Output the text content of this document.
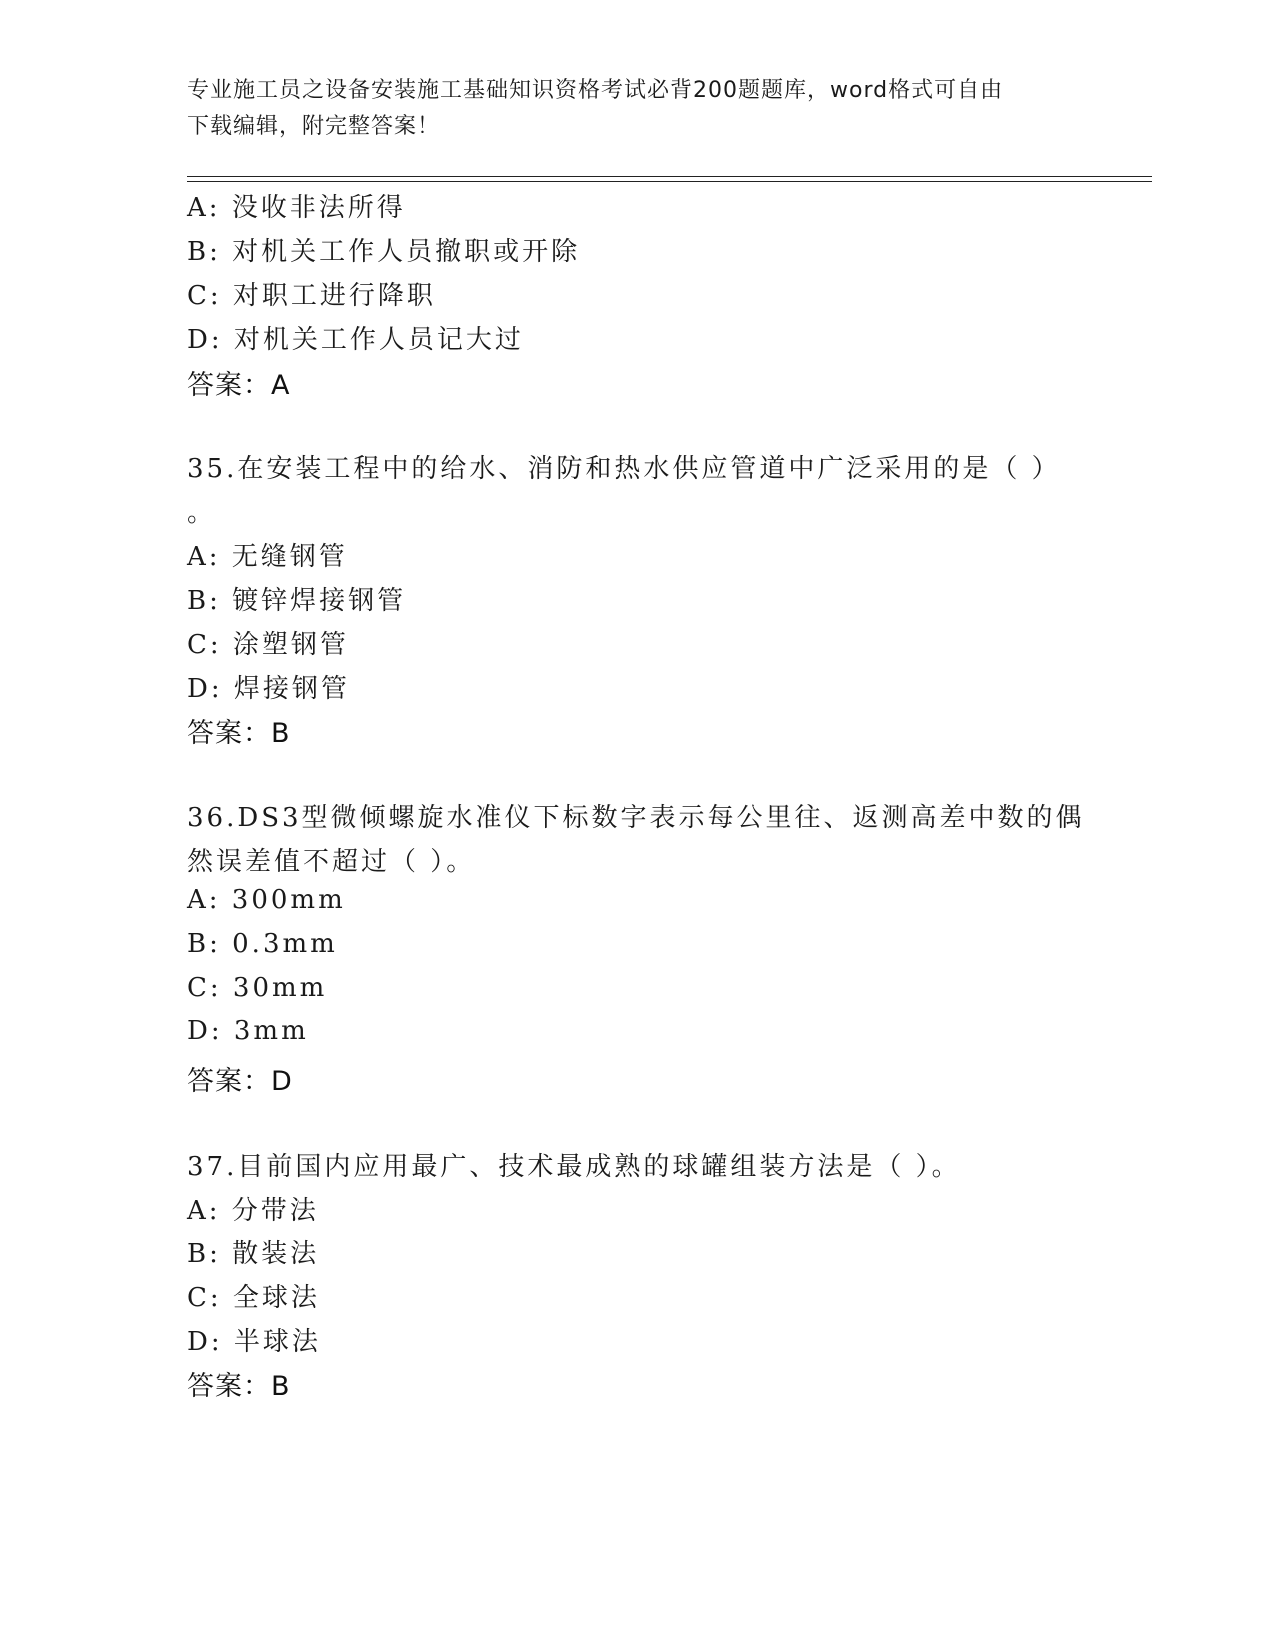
专业施工员之设备安装施工基础知识资格考试必背200题题库，word格式可自由
下载编辑，附完整答案！
A: 没收非法所得
B: 对机关工作人员撤职或开除
C: 对职工进行降职
D: 对机关工作人员记大过
答案：A
35.在安装工程中的给水、消防和热水供应管道中广泛采用的是（ ）
。
A: 无缝钢管
B: 镀锌焊接钢管
C: 涂塑钢管
D: 焊接钢管
答案：B
36.DS3型微倾螺旋水准仪下标数字表示每公里往、返测高差中数的偶
然误差值不超过（ ）。
A: 300mm
B: 0.3mm
C: 30mm
D: 3mm
答案：D
37.目前国内应用最广、技术最成熟的球罐组装方法是（ ）。
A: 分带法
B: 散装法
C: 全球法
D: 半球法
答案：B
